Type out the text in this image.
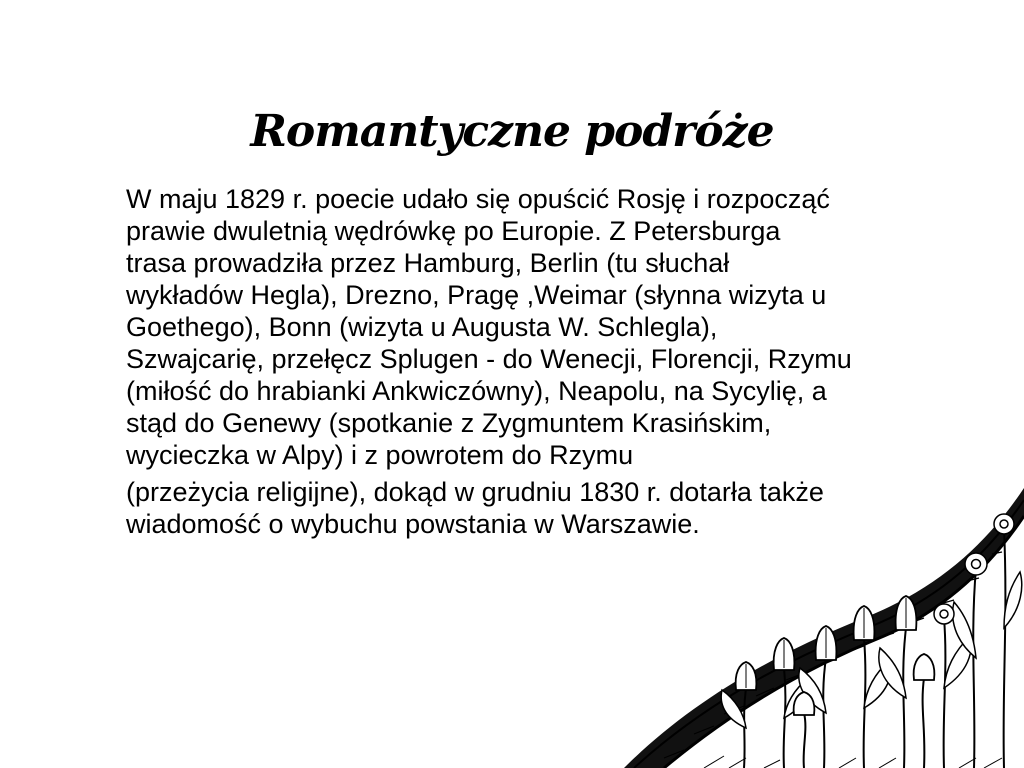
Romantyczne podróże

W maju 1829 r. poecie udało się opuścić Rosję i rozpocząć
prawie dwuletnią wędrówkę po Europie. Z Petersburga
trasa prowadziła przez Hamburg, Berlin (tu słuchał
wykładów Hegla), Drezno, Pragę ,Weimar (słynna wizyta u
Goethego), Bonn (wizyta u Augusta W. Schlegla),
Szwajcarię, przełęcz Splugen - do Wenecji, Florencji, Rzymu
(miłość do hrabianki Ankwiczówny), Neapolu, na Sycylię, a
stąd do Genewy (spotkanie z Zygmuntem Krasińskim,
wycieczka w Alpy) i z powrotem do Rzymu

(przeżycia religijne), dokąd w grudniu 1830 r. dotarła także
wiadomość o wybuchu powstania w Warszawie.
